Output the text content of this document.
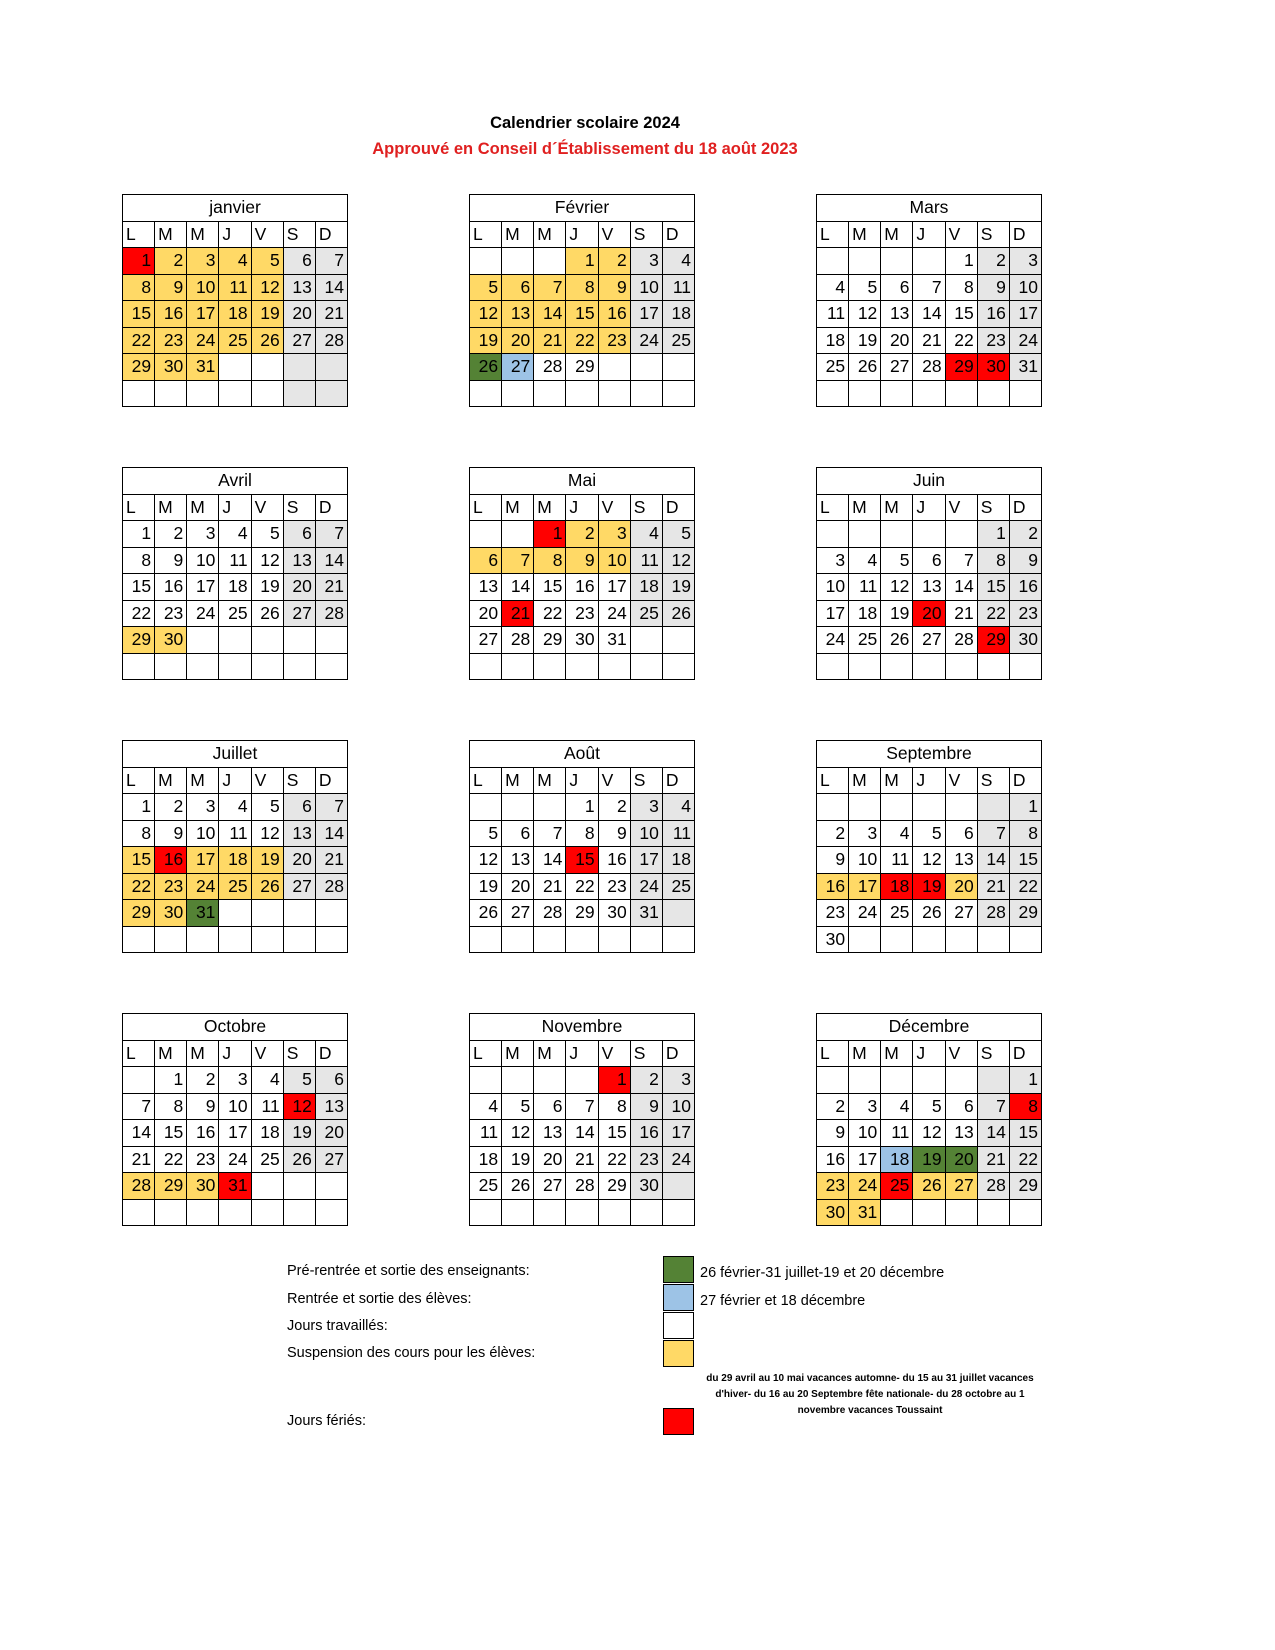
Calendrier scolaire 2024
Approuvé en Conseil d´Établissement du 18 août 2023
janvier						
L	M	M	J	V	S	D
1	2	3	4	5	6	7
8	9	10	11	12	13	14
15	16	17	18	19	20	21
22	23	24	25	26	27	28
29	30	31				

Février						
L	M	M	J	V	S	D
			1	2	3	4
5	6	7	8	9	10	11
12	13	14	15	16	17	18
19	20	21	22	23	24	25
26	27	28	29			

Mars						
L	M	M	J	V	S	D
				1	2	3
4	5	6	7	8	9	10
11	12	13	14	15	16	17
18	19	20	21	22	23	24
25	26	27	28	29	30	31

Avril						
L	M	M	J	V	S	D
1	2	3	4	5	6	7
8	9	10	11	12	13	14
15	16	17	18	19	20	21
22	23	24	25	26	27	28
29	30					

Mai						
L	M	M	J	V	S	D
		1	2	3	4	5
6	7	8	9	10	11	12
13	14	15	16	17	18	19
20	21	22	23	24	25	26
27	28	29	30	31		

Juin						
L	M	M	J	V	S	D
					1	2
3	4	5	6	7	8	9
10	11	12	13	14	15	16
17	18	19	20	21	22	23
24	25	26	27	28	29	30

Juillet						
L	M	M	J	V	S	D
1	2	3	4	5	6	7
8	9	10	11	12	13	14
15	16	17	18	19	20	21
22	23	24	25	26	27	28
29	30	31				

Août						
L	M	M	J	V	S	D
			1	2	3	4
5	6	7	8	9	10	11
12	13	14	15	16	17	18
19	20	21	22	23	24	25
26	27	28	29	30	31	

Septembre						
L	M	M	J	V	S	D
						1
2	3	4	5	6	7	8
9	10	11	12	13	14	15
16	17	18	19	20	21	22
23	24	25	26	27	28	29
30						
Octobre						
L	M	M	J	V	S	D
	1	2	3	4	5	6
7	8	9	10	11	12	13
14	15	16	17	18	19	20
21	22	23	24	25	26	27
28	29	30	31			

Novembre						
L	M	M	J	V	S	D
				1	2	3
4	5	6	7	8	9	10
11	12	13	14	15	16	17
18	19	20	21	22	23	24
25	26	27	28	29	30	

Décembre						
L	M	M	J	V	S	D
						1
2	3	4	5	6	7	8
9	10	11	12	13	14	15
16	17	18	19	20	21	22
23	24	25	26	27	28	29
30	31					
Pré-rentrée et sortie des enseignants:	26 février-31 juillet-19 et 20 décembre
Rentrée et sortie des élèves:	27 février et 18 décembre
Jours travaillés:
Suspension des cours pour les élèves:
du 29 avril au 10 mai vacances automne- du 15 au 31 juillet vacances
d'hiver- du 16 au 20 Septembre fête nationale- du 28 octobre au 1
novembre vacances Toussaint
Jours fériés:
